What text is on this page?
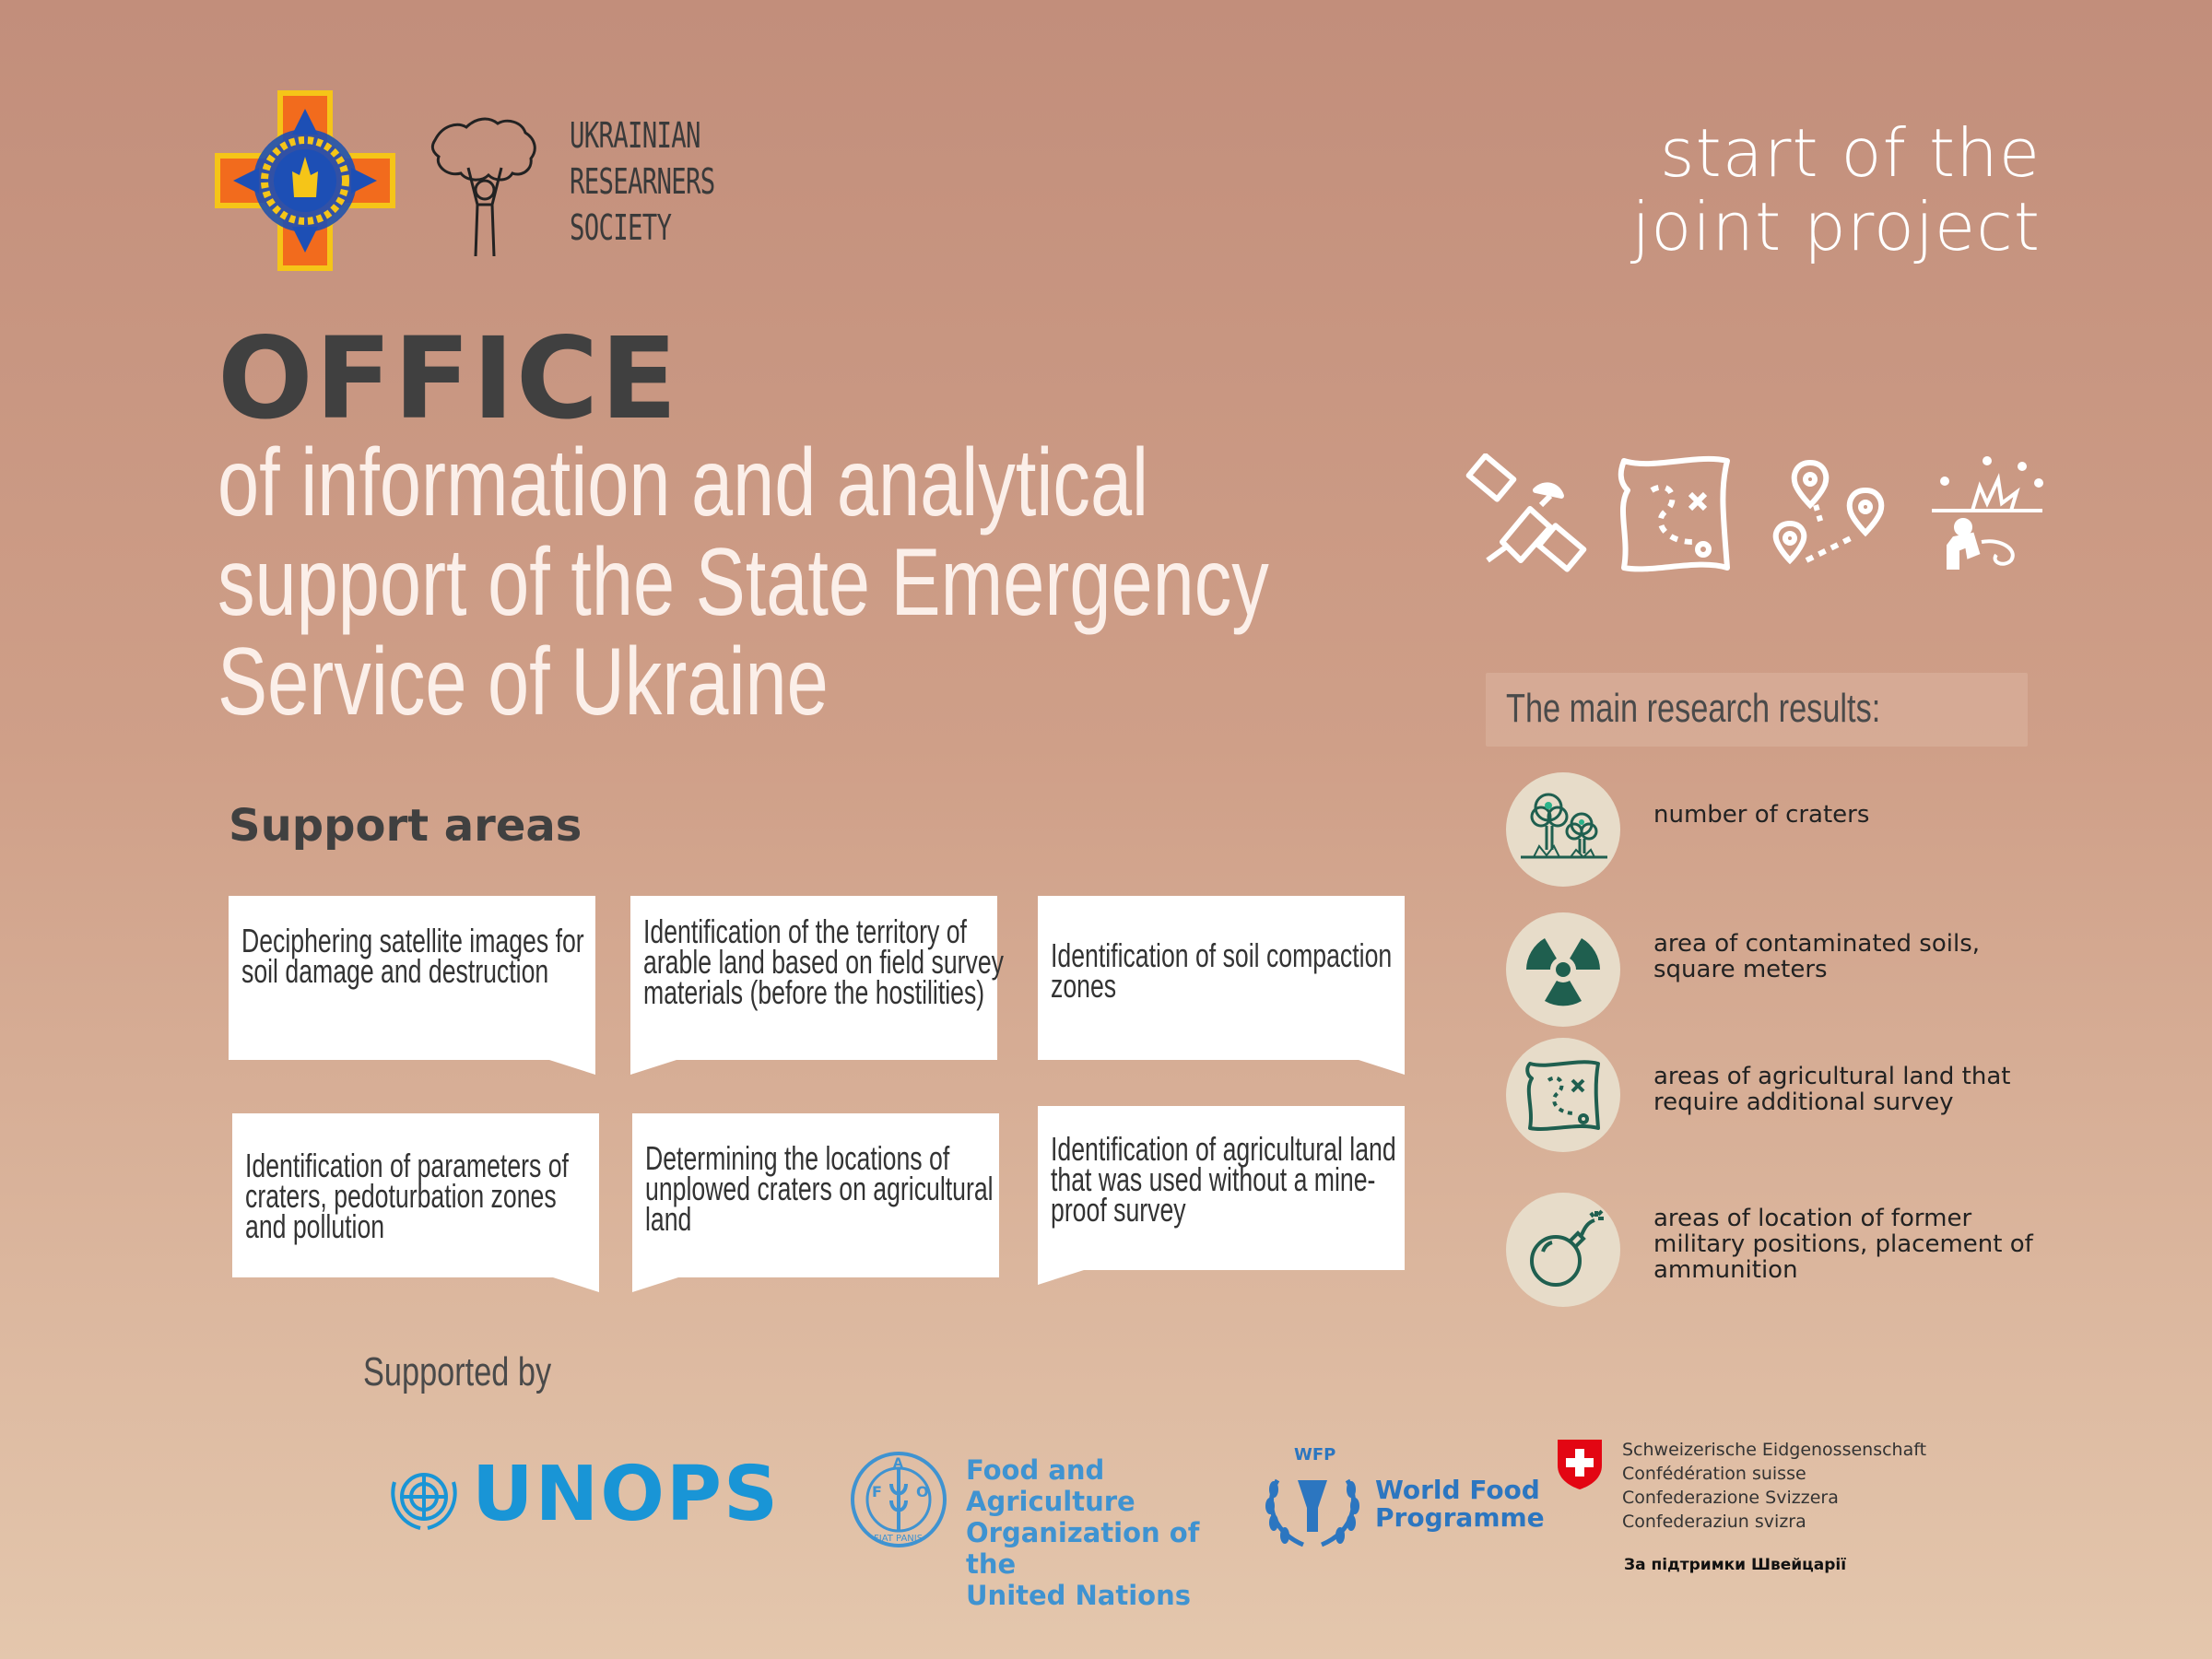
UKRAINIAN
RESEARNERS
SOCIETY
start of the
joint project
OFFICE
of information and analytical
support of the State Emergency
Service of Ukraine	The main research results:
number of craters
area of contaminated soils, square meters
areas of agricultural land that require additional survey
areas of location of former military positions, placement of ammunition
Support areas
Deciphering satellite images for soil damage and destruction
Identification of the territory of arable land based on field survey materials (before the hostilities)
Identification of soil compaction zones
Identification of parameters of craters, pedoturbation zones and pollution
Determining the locations of unplowed craters on agricultural land
Identification of agricultural land that was used without a mine-proof survey
Supported by
UNOPS	F
A
O
FIAT PANIS
Food and Agriculture
Organization of the
United Nations
WFP
World Food
Programme
Schweizerische Eidgenossenschaft
Confédération suisse
Confederazione Svizzera
Confederaziun svizra
За підтримки Швейцарії
